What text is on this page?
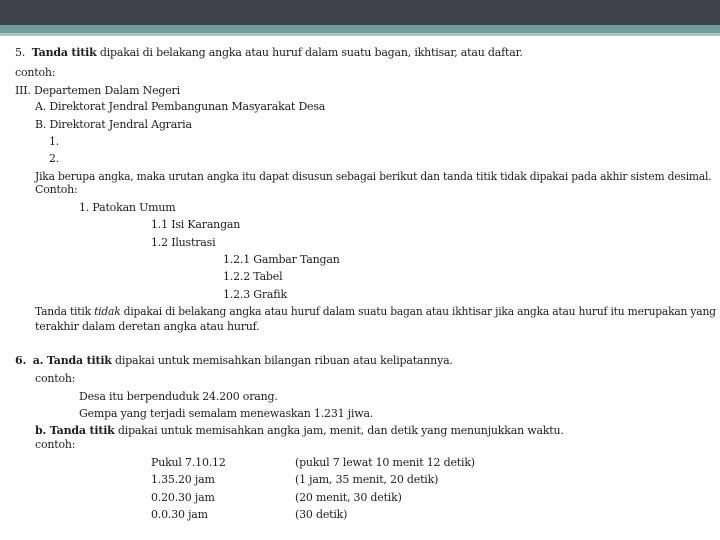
5. Tanda titik dipakai di belakang angka atau huruf dalam suatu bagan, ikhtisar, atau daftar.
contoh:
III. Departemen Dalam Negeri
A. Direktorat Jendral Pembangunan Masyarakat Desa
B. Direktorat Jendral Agraria
1.
2.
Jika berupa angka, maka urutan angka itu dapat disusun sebagai berikut dan tanda titik tidak dipakai pada akhir sistem desimal.
Contoh:
1. Patokan Umum
1.1 Isi Karangan
1.2 Ilustrasi
1.2.1 Gambar Tangan
1.2.2 Tabel
1.2.3 Grafik
Tanda titik tidak dipakai di belakang angka atau huruf dalam suatu bagan atau ikhtisar jika angka atau huruf itu merupakan yang
terakhir dalam deretan angka atau huruf.
6. a. Tanda titik dipakai untuk memisahkan bilangan ribuan atau kelipatannya.
contoh:
Desa itu berpenduduk 24.200 orang.
Gempa yang terjadi semalam menewaskan 1.231 jiwa.
b. Tanda titik dipakai untuk memisahkan angka jam, menit, dan detik yang menunjukkan waktu.
contoh:
Pukul 7.10.12	(pukul 7 lewat 10 menit 12 detik)
1.35.20 jam	(1 jam, 35 menit, 20 detik)
0.20.30 jam	(20 menit, 30 detik)
0.0.30 jam	(30 detik)
